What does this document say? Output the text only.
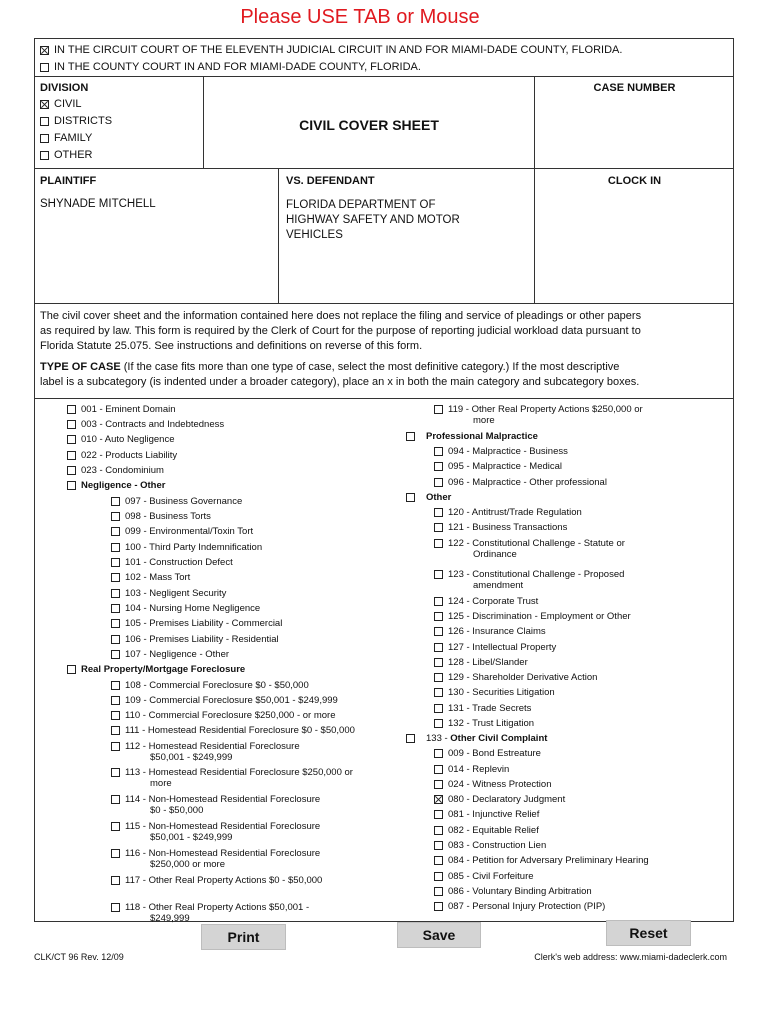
Please USE TAB or Mouse
IN THE CIRCUIT COURT OF THE ELEVENTH JUDICIAL CIRCUIT IN AND FOR MIAMI-DADE COUNTY, FLORIDA.
IN THE COUNTY COURT IN AND FOR MIAMI-DADE COUNTY, FLORIDA.
DIVISION
CIVIL
DISTRICTS
FAMILY
OTHER
CIVIL COVER SHEET
CASE NUMBER
PLAINTIFF
SHYNADE MITCHELL
VS. DEFENDANT
FLORIDA DEPARTMENT OF
HIGHWAY SAFETY AND MOTOR
VEHICLES
CLOCK IN
The civil cover sheet and the information contained here does not replace the filing and service of pleadings or other papers
as required by law. This form is required by the Clerk of Court for the purpose of reporting judicial workload data pursuant to
Florida Statute 25.075. See instructions and definitions on reverse of this form.
TYPE OF CASE (If the case fits more than one type of case, select the most definitive category.) If the most descriptive
label is a subcategory (is indented under a broader category), place an x in both the main category and subcategory boxes.
001 - Eminent Domain
003 - Contracts and Indebtedness
010 - Auto Negligence
022 - Products Liability
023 - Condominium
Negligence - Other
097 - Business Governance
098 - Business Torts
099 - Environmental/Toxin Tort
100 - Third Party Indemnification
101 - Construction Defect
102 - Mass Tort
103 - Negligent Security
104 - Nursing Home Negligence
105 - Premises Liability - Commercial
106 - Premises Liability - Residential
107 - Negligence - Other
Real Property/Mortgage Foreclosure
108 - Commercial Foreclosure $0 - $50,000
109 - Commercial Foreclosure $50,001 - $249,999
110 - Commercial Foreclosure $250,000 - or more
111 - Homestead Residential Foreclosure $0 - $50,000
112 - Homestead Residential Foreclosure
$50,001 - $249,999
113 - Homestead Residential Foreclosure $250,000 or
more
114 - Non-Homestead Residential Foreclosure
$0 - $50,000
115 - Non-Homestead Residential Foreclosure
$50,001 - $249,999
116 - Non-Homestead Residential Foreclosure
$250,000 or more
117 - Other Real Property Actions $0 - $50,000
118 - Other Real Property Actions $50,001 -
$249,999
119 - Other Real Property Actions $250,000 or
more
Professional Malpractice
094 - Malpractice - Business
095 - Malpractice - Medical
096 - Malpractice - Other professional
Other
120 - Antitrust/Trade Regulation
121 - Business Transactions
122 - Constitutional Challenge - Statute or
Ordinance
123 - Constitutional Challenge - Proposed
amendment
124 - Corporate Trust
125 - Discrimination - Employment or Other
126 - Insurance Claims
127 - Intellectual Property
128 - Libel/Slander
129 - Shareholder Derivative Action
130 - Securities Litigation
131 - Trade Secrets
132 - Trust Litigation
133 - Other Civil Complaint
009 - Bond Estreature
014 - Replevin
024 - Witness Protection
080 - Declaratory Judgment
081 - Injunctive Relief
082 - Equitable Relief
083 - Construction Lien
084 - Petition for Adversary Preliminary Hearing
085 - Civil Forfeiture
086 - Voluntary Binding Arbitration
087 - Personal Injury Protection (PIP)
Print	Save	Reset
CLK/CT 96 Rev. 12/09	Clerk's web address: www.miami-dadeclerk.com
